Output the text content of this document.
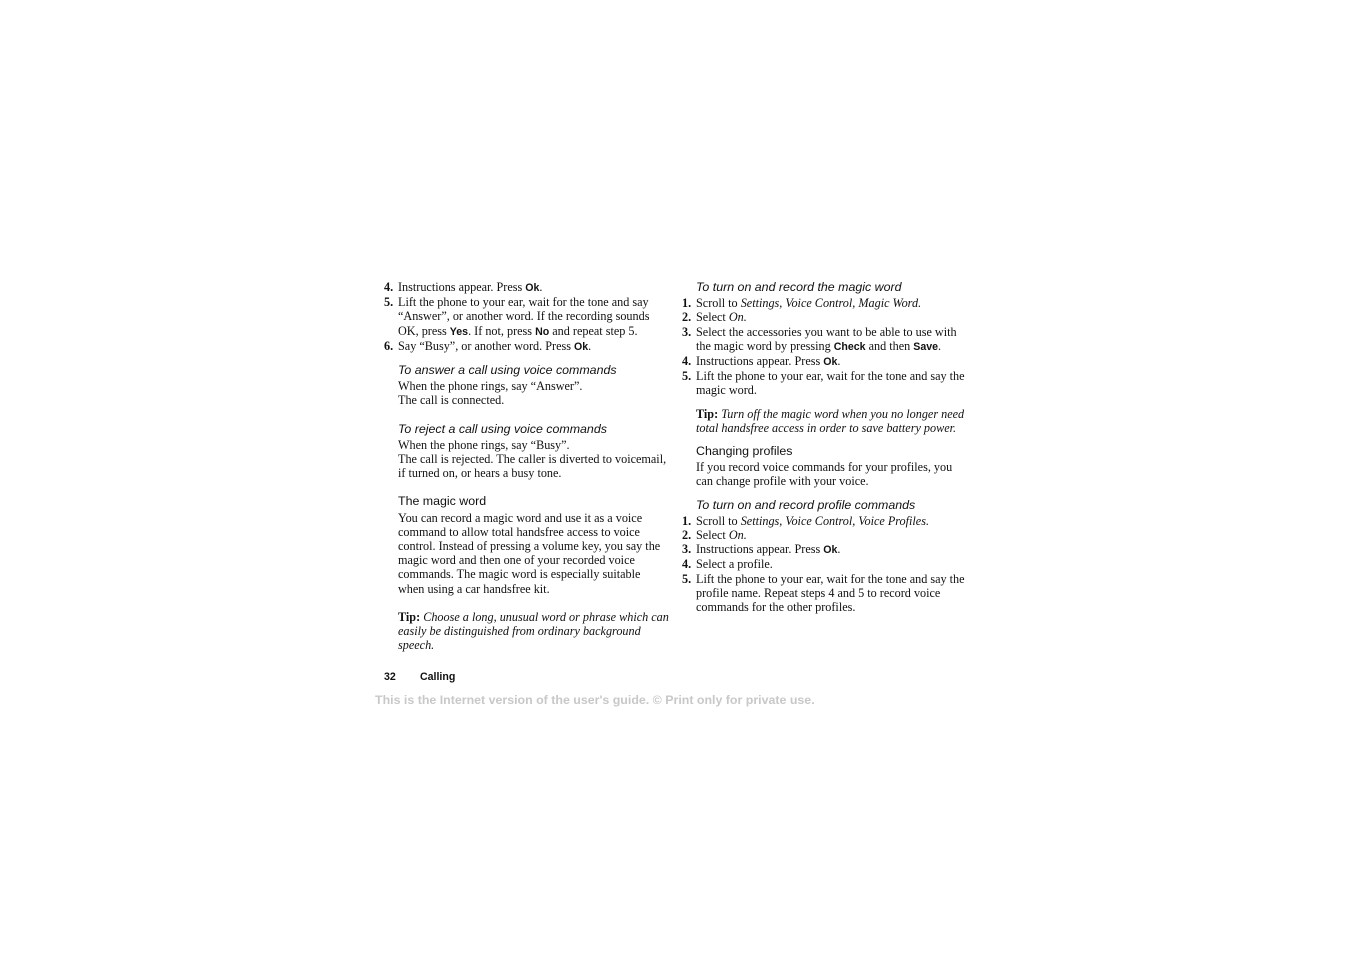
4. Instructions appear. Press Ok.
5. Lift the phone to your ear, wait for the tone and say “Answer”, or another word. If the recording sounds OK, press Yes. If not, press No and repeat step 5.
6. Say “Busy”, or another word. Press Ok.
To answer a call using voice commands
When the phone rings, say “Answer”.
The call is connected.
To reject a call using voice commands
When the phone rings, say “Busy”.
The call is rejected. The caller is diverted to voicemail, if turned on, or hears a busy tone.
The magic word
You can record a magic word and use it as a voice command to allow total handsfree access to voice control. Instead of pressing a volume key, you say the magic word and then one of your recorded voice commands. The magic word is especially suitable when using a car handsfree kit.
Tip: Choose a long, unusual word or phrase which can easily be distinguished from ordinary background speech.
To turn on and record the magic word
1. Scroll to Settings, Voice Control, Magic Word.
2. Select On.
3. Select the accessories you want to be able to use with the magic word by pressing Check and then Save.
4. Instructions appear. Press Ok.
5. Lift the phone to your ear, wait for the tone and say the magic word.
Tip: Turn off the magic word when you no longer need total handsfree access in order to save battery power.
Changing profiles
If you record voice commands for your profiles, you can change profile with your voice.
To turn on and record profile commands
1. Scroll to Settings, Voice Control, Voice Profiles.
2. Select On.
3. Instructions appear. Press Ok.
4. Select a profile.
5. Lift the phone to your ear, wait for the tone and say the profile name. Repeat steps 4 and 5 to record voice commands for the other profiles.
32 Calling
This is the Internet version of the user's guide. © Print only for private use.
